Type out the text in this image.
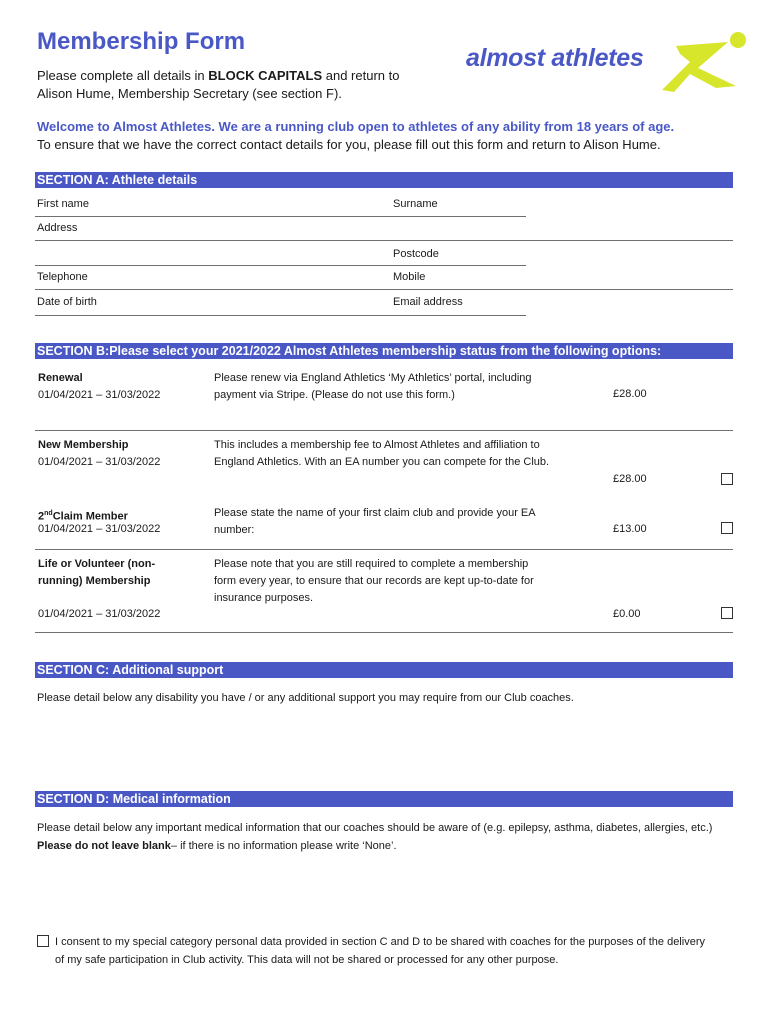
Membership Form
Please complete all details in BLOCK CAPITALS and return to
Alison Hume, Membership Secretary (see section F).
almost athletes
Welcome to Almost Athletes. We are a running club open to athletes of any ability from 18 years of age.
To ensure that we have the correct contact details for you, please fill out this form and return to Alison Hume.
SECTION A: Athlete details
First name	Surname
Address
Postcode
Telephone	Mobile
Date of birth	Email address
SECTION B:Please select your 2021/2022 Almost Athletes membership status from the following options:
Renewal
01/04/2021 – 31/03/2022
Please renew via England Athletics ‘My Athletics’ portal, including payment via Stripe. (Please do not use this form.)	£28.00
New Membership
01/04/2021 – 31/03/2022
This includes a membership fee to Almost Athletes and affiliation to England Athletics. With an EA number you can compete for the Club.
£28.00
2ndClaim Member
01/04/2021 – 31/03/2022
Please state the name of your first claim club and provide your EA number:	£13.00
Life or Volunteer (non-running) Membership
01/04/2021 – 31/03/2022
Please note that you are still required to complete a membership form every year, to ensure that our records are kept up-to-date for insurance purposes.
£0.00
SECTION C: Additional support
Please detail below any disability you have / or any additional support you may require from our Club coaches.
SECTION D: Medical information
Please detail below any important medical information that our coaches should be aware of (e.g. epilepsy, asthma, diabetes, allergies, etc.) Please do not leave blank– if there is no information please write ‘None’.
I consent to my special category personal data provided in section C and D to be shared with coaches for the purposes of the delivery of my safe participation in Club activity. This data will not be shared or processed for any other purpose.
